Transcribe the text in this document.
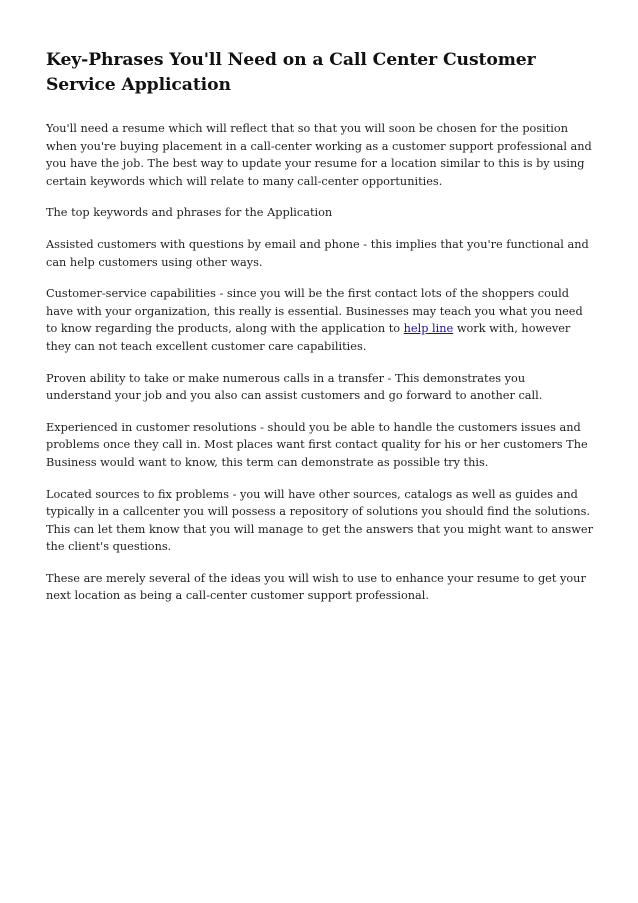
Key-Phrases You'll Need on a Call Center Customer Service Application

You'll need a resume which will reflect that so that you will soon be chosen for the position when you're buying placement in a call-center working as a customer support professional and you have the job. The best way to update your resume for a location similar to this is by using certain keywords which will relate to many call-center opportunities.

The top keywords and phrases for the Application

Assisted customers with questions by email and phone - this implies that you're functional and can help customers using other ways.

Customer-service capabilities - since you will be the first contact lots of the shoppers could have with your organization, this really is essential. Businesses may teach you what you need to know regarding the products, along with the application to help line work with, however they can not teach excellent customer care capabilities.

Proven ability to take or make numerous calls in a transfer - This demonstrates you understand your job and you also can assist customers and go forward to another call.

Experienced in customer resolutions - should you be able to handle the customers issues and problems once they call in. Most places want first contact quality for his or her customers The Business would want to know, this term can demonstrate as possible try this.

Located sources to fix problems - you will have other sources, catalogs as well as guides and typically in a callcenter you will possess a repository of solutions you should find the solutions. This can let them know that you will manage to get the answers that you might want to answer the client's questions.

These are merely several of the ideas you will wish to use to enhance your resume to get your next location as being a call-center customer support professional.
